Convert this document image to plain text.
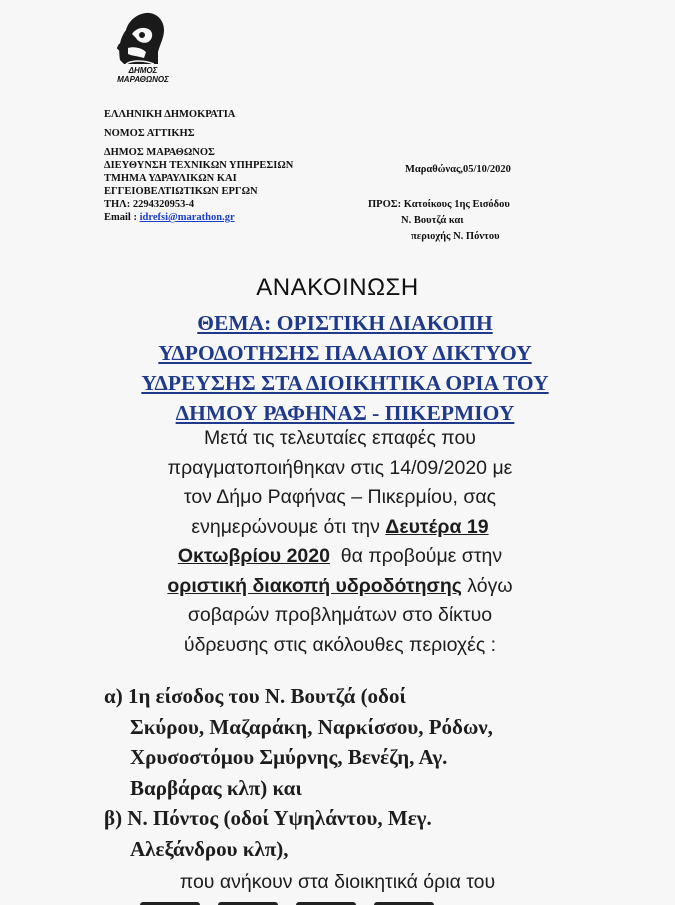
ΔΗΜΟΣ
ΜΑΡΑΘΩΝΟΣ
ΕΛΛΗΝΙΚΗ ΔΗΜΟΚΡΑΤΙΑ
ΝΟΜΟΣ ΑΤΤΙΚΗΣ
ΔΗΜΟΣ ΜΑΡΑΘΩΝΟΣ
ΔΙΕΥΘΥΝΣΗ ΤΕΧΝΙΚΩΝ ΥΠΗΡΕΣΙΩΝ
ΤΜΗΜΑ ΥΔΡΑΥΛΙΚΩΝ ΚΑΙ
ΕΓΓΕΙΟΒΕΛΤΙΩΤΙΚΩΝ ΕΡΓΩΝ
ΤΗΛ: 2294320953-4
Email : idrefsi@marathon.gr
Μαραθώνας,05/10/2020
ΠΡΟΣ: Κατοίκους 1ης Εισόδου
Ν. Βουτζά και
περιοχής Ν. Πόντου
ΑΝΑΚΟΙΝΩΣΗ
ΘΕΜΑ: ΟΡΙΣΤΙΚΗ ΔΙΑΚΟΠΗ
ΥΔΡΟΔΟΤΗΣΗΣ ΠΑΛΑΙΟΥ ΔΙΚΤΥΟΥ
ΥΔΡΕΥΣΗΣ ΣΤΑ ΔΙΟΙΚΗΤΙΚΑ ΟΡΙΑ ΤΟΥ
ΔΗΜΟΥ ΡΑΦΗΝΑΣ - ΠΙΚΕΡΜΙΟΥ
Μετά τις τελευταίες επαφές που
πραγματοποιήθηκαν στις 14/09/2020 με
τον Δήμο Ραφήνας – Πικερμίου, σας
ενημερώνουμε ότι την Δευτέρα 19
Οκτωβρίου 2020  θα προβούμε στην
οριστική διακοπή υδροδότησης λόγω
σοβαρών προβλημάτων στο δίκτυο
ύδρευσης στις ακόλουθες περιοχές :
α) 1η είσοδος του Ν. Βουτζά (οδοί
Σκύρου, Μαζαράκη, Ναρκίσσου, Ρόδων,
Χρυσοστόμου Σμύρνης, Βενέζη, Αγ.
Βαρβάρας κλπ) και
β) Ν. Πόντος (οδοί Υψηλάντου, Μεγ.
Αλεξάνδρου κλπ),
που ανήκουν στα διοικητικά όρια του
